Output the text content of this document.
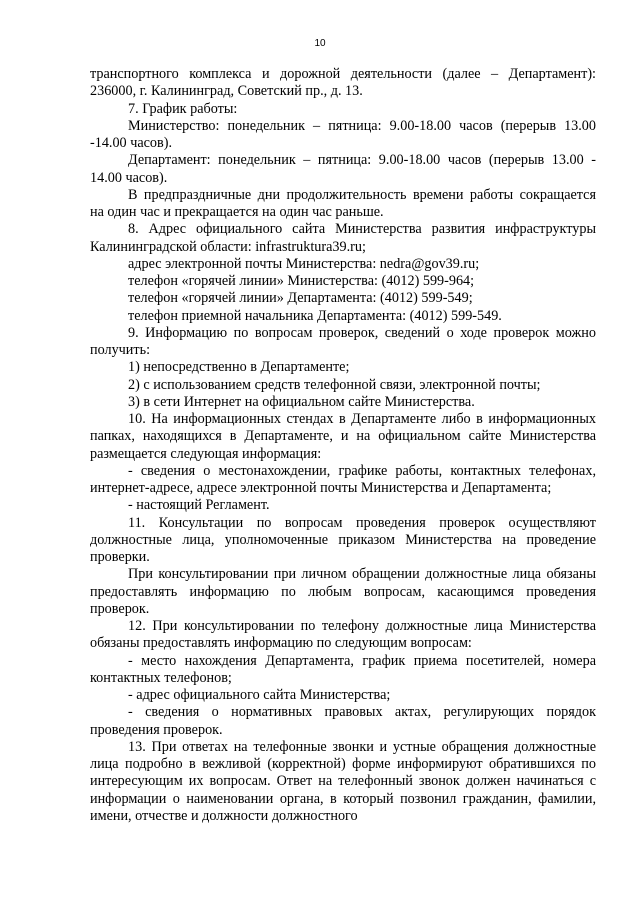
10

транспортного комплекса и дорожной деятельности (далее – Департамент): 236000, г. Калининград, Советский пр., д. 13.

7. График работы:

Министерство: понедельник – пятница: 9.00-18.00 часов (перерыв 13.00 -14.00 часов).

Департамент: понедельник – пятница: 9.00-18.00 часов (перерыв 13.00 - 14.00 часов).

В предпраздничные дни продолжительность времени работы сокращается на один час и прекращается на один час раньше.

8. Адрес официального сайта Министерства развития инфраструктуры Калининградской области: infrastruktura39.ru;

адрес электронной почты Министерства: nedra@gov39.ru;

телефон «горячей линии» Министерства: (4012) 599-964;

телефон «горячей линии» Департамента: (4012) 599-549;

телефон приемной начальника Департамента: (4012) 599-549.

9. Информацию по вопросам проверок, сведений о ходе проверок можно получить:

1) непосредственно в Департаменте;

2) с использованием средств телефонной связи, электронной почты;

3) в сети Интернет на официальном сайте Министерства.

10. На информационных стендах в Департаменте либо в информационных папках, находящихся в Департаменте, и на официальном сайте Министерства размещается следующая информация:

- сведения о местонахождении, графике работы, контактных телефонах, интернет-адресе, адресе электронной почты Министерства и Департамента;

- настоящий Регламент.

11. Консультации по вопросам проведения проверок осуществляют должностные лица, уполномоченные приказом Министерства на проведение проверки.

При консультировании при личном обращении должностные лица обязаны предоставлять информацию по любым вопросам, касающимся проведения проверок.

12. При консультировании по телефону должностные лица Министерства обязаны предоставлять информацию по следующим вопросам:

- место нахождения Департамента, график приема посетителей, номера контактных телефонов;

- адрес официального сайта Министерства;

- сведения о нормативных правовых актах, регулирующих порядок проведения проверок.

13. При ответах на телефонные звонки и устные обращения должностные лица подробно в вежливой (корректной) форме информируют обратившихся по интересующим их вопросам. Ответ на телефонный звонок должен начинаться с информации о наименовании органа, в который позвонил гражданин, фамилии, имени, отчестве и должности должностного
